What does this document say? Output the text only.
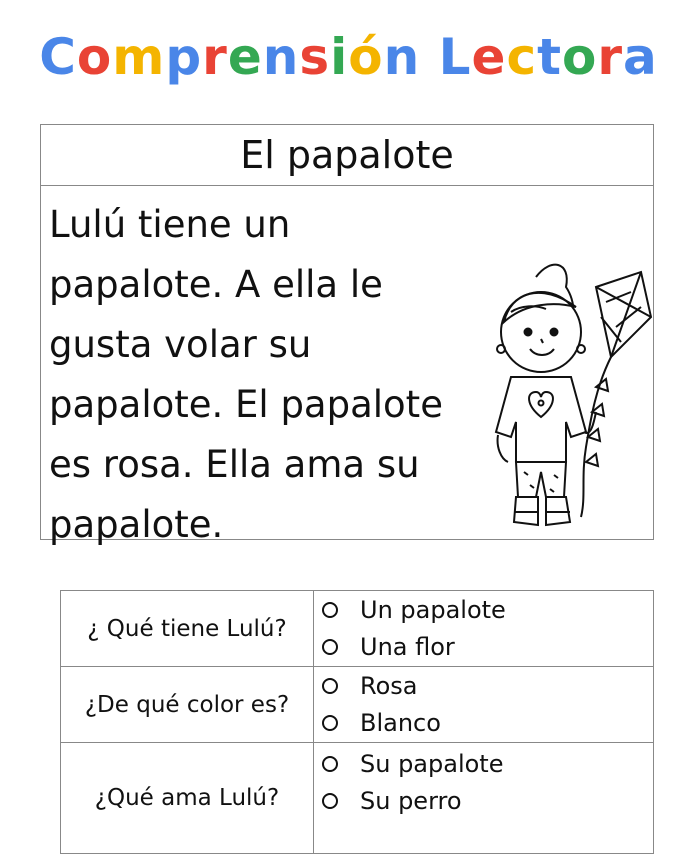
Comprensión Lectora
El papalote
Lulú tiene un
papalote. A ella le
gusta volar su
papalote. El papalote
es rosa. Ella ama su
papalote.
¿ Qué tiene Lulú?	Un papalote
Una flor

¿De qué color es?	Rosa
Blanco

¿Qué ama Lulú?	Su papalote
Su perro
